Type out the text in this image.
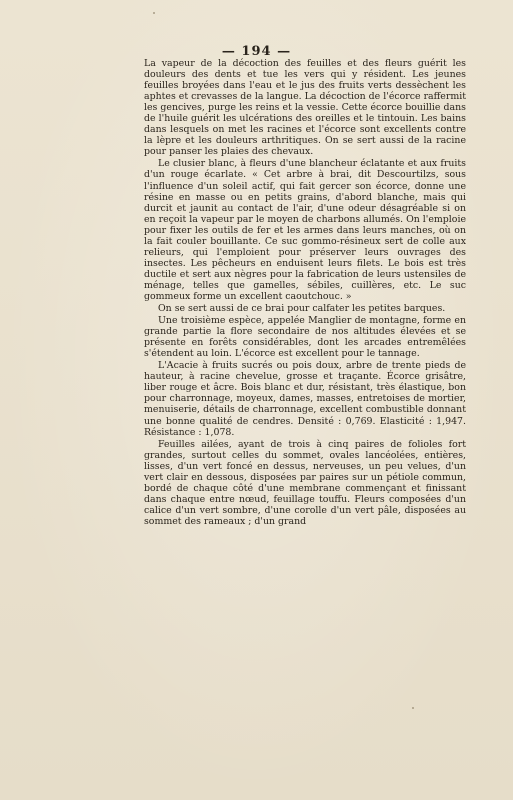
— 194 —

La vapeur de la décoction des feuilles et des fleurs guérit les douleurs des dents et tue les vers qui y résident. Les jeunes feuilles broyées dans l'eau et le jus des fruits verts dessèchent les aphtes et crevasses de la langue. La décoction de l'écorce raffermit les gencives, purge les reins et la vessie. Cette écorce bouillie dans de l'huile guérit les ulcérations des oreilles et le tintouin. Les bains dans lesquels on met les racines et l'écorce sont excellents contre la lèpre et les douleurs arthritiques. On se sert aussi de la racine pour panser les plaies des chevaux.

Le clusier blanc, à fleurs d'une blancheur éclatante et aux fruits d'un rouge écarlate. « Cet arbre à brai, dit Descourtilzs, sous l'influence d'un soleil actif, qui fait gercer son écorce, donne une résine en masse ou en petits grains, d'abord blanche, mais qui durcit et jaunit au contact de l'air, d'une odeur désagréable si on en reçoit la vapeur par le moyen de charbons allumés. On l'emploie pour fixer les outils de fer et les armes dans leurs manches, où on la fait couler bouillante. Ce suc gommo-résineux sert de colle aux relieurs, qui l'emploient pour préserver leurs ouvrages des insectes. Les pêcheurs en enduisent leurs filets. Le bois est très ductile et sert aux nègres pour la fabrication de leurs ustensiles de ménage, telles que gamelles, sébiles, cuillères, etc. Le suc gommeux forme un excellent caoutchouc. »

On se sert aussi de ce brai pour calfater les petites barques.

Une troisième espèce, appelée Manglier de montagne, forme en grande partie la flore secondaire de nos altitudes élevées et se présente en forêts considérables, dont les arcades entremêlées s'étendent au loin. L'écorce est excellent pour le tannage.

L'Acacie à fruits sucrés ou pois doux, arbre de trente pieds de hauteur, à racine chevelue, grosse et traçante. Écorce grisâtre, liber rouge et âcre. Bois blanc et dur, résistant, très élastique, bon pour charronnage, moyeux, dames, masses, entretoises de mortier, menuiserie, détails de charronnage, excellent combustible donnant une bonne qualité de cendres. Densité : 0,769. Elasticité : 1,947. Résistance : 1,078.

Feuilles ailées, ayant de trois à cinq paires de folioles fort grandes, surtout celles du sommet, ovales lancéolées, entières, lisses, d'un vert foncé en dessus, nerveuses, un peu velues, d'un vert clair en dessous, disposées par paires sur un pétiole commun, bordé de chaque côté d'une membrane commençant et finissant dans chaque entre nœud, feuillage touffu. Fleurs composées d'un calice d'un vert sombre, d'une corolle d'un vert pâle, disposées au sommet des rameaux ; d'un grand
